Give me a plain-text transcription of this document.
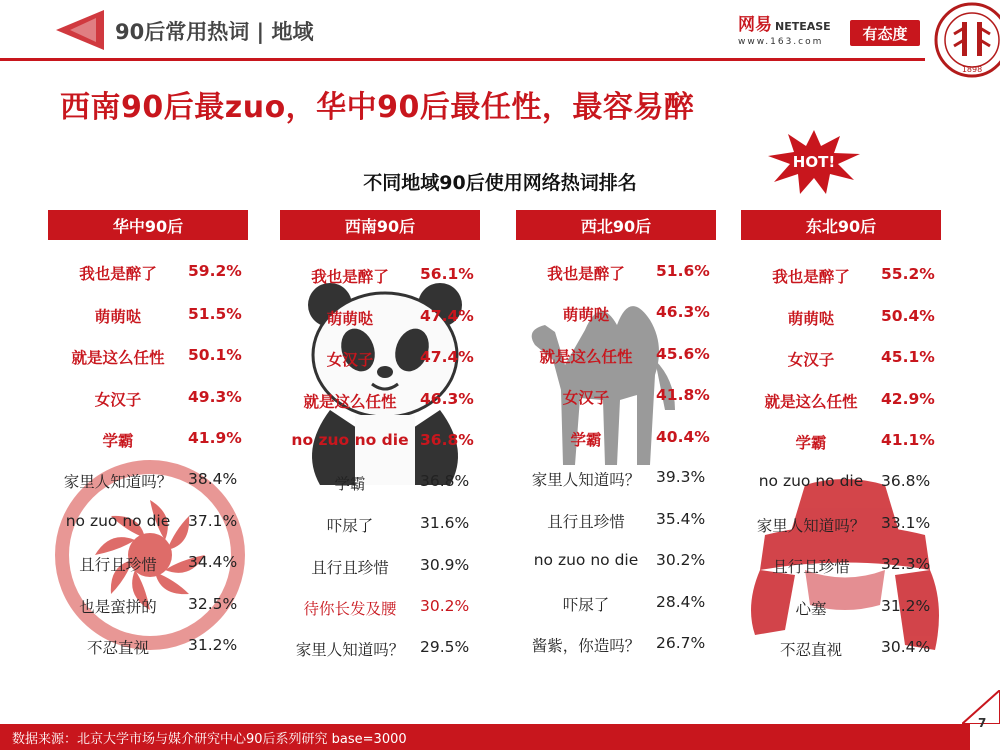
90后常用热词 | 地域	网易 NETEASE
www.163.com	有态度
1898
西南90后最zuo，华中90后最任性，最容易醉
HOT!
不同地域90后使用网络热词排名
华中90后
我也是醉了	59.2%
萌萌哒	51.5%
就是这么任性	50.1%
女汉子	49.3%
学霸	41.9%
家里人知道吗？	38.4%
no zuo no die	37.1%
且行且珍惜	34.4%
也是蛮拼的	32.5%
不忍直视	31.2%
西南90后
我也是醉了	56.1%
萌萌哒	47.4%
女汉子	47.4%
就是这么任性	46.3%
no zuo no die 36.8%
学霸	36.8%
吓尿了	31.6%
且行且珍惜	30.9%
待你长发及腰	30.2%
家里人知道吗？	29.5%
西北90后
我也是醉了	51.6%
萌萌哒	46.3%
就是这么任性	45.6%
女汉子	41.8%
学霸	40.4%
家里人知道吗？	39.3%
且行且珍惜	35.4%
no zuo no die	30.2%
吓尿了	28.4%
酱紫，你造吗？	26.7%
东北90后
我也是醉了	55.2%
萌萌哒	50.4%
女汉子	45.1%
就是这么任性	42.9%
学霸	41.1%
no zuo no die	36.8%
家里人知道吗？	33.1%
且行且珍惜	32.3%
心塞	31.2%
不忍直视	30.4%
数据来源：北京大学市场与媒介研究中心90后系列研究 base=3000
7
